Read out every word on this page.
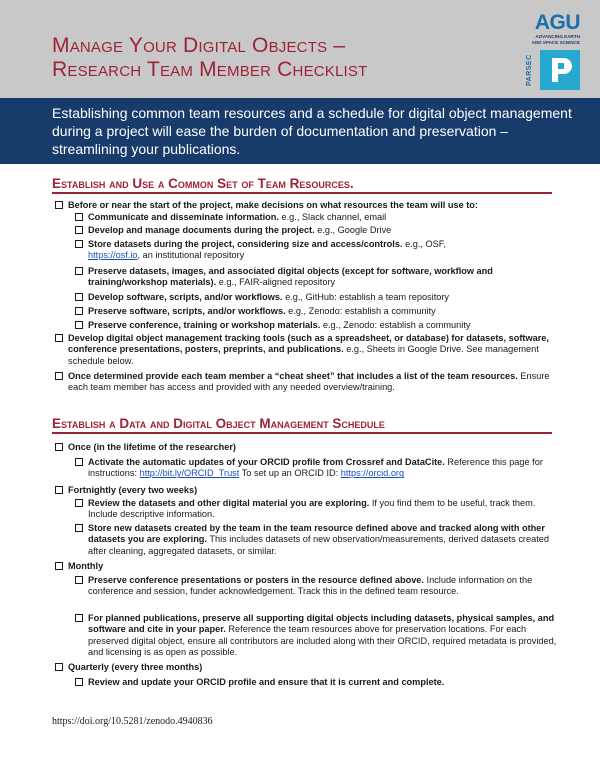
Manage Your Digital Objects –
Research Team Member Checklist
AGU
ADVANCING EARTH
AND SPACE SCIENCE
PARSEC

Establishing common team resources and a schedule for digital object management during a project will ease the burden of documentation and preservation – streamlining your publications.

Establish and Use a Common Set of Team Resources.
Before or near the start of the project, make decisions on what resources the team will use to:
Communicate and disseminate information. e.g., Slack channel, email
Develop and manage documents during the project. e.g., Google Drive
Store datasets during the project, considering size and access/controls. e.g., OSF,
https://osf.io, an institutional repository
Preserve datasets, images, and associated digital objects (except for software, workflow and training/workshop materials). e.g., FAIR-aligned repository
Develop software, scripts, and/or workflows. e.g., GitHub: establish a team repository
Preserve software, scripts, and/or workflows. e.g., Zenodo: establish a community
Preserve conference, training or workshop materials. e.g., Zenodo: establish a community
Develop digital object management tracking tools (such as a spreadsheet, or database) for datasets, software, conference presentations, posters, preprints, and publications. e.g., Sheets in Google Drive. See management schedule below.
Once determined provide each team member a “cheat sheet” that includes a list of the team resources. Ensure each team member has access and provided with any needed overview/training.
Establish a Data and Digital Object Management Schedule
Once (in the lifetime of the researcher)
Activate the automatic updates of your ORCID profile from Crossref and DataCite. Reference this page for instructions: http://bit.ly/ORCID_Trust To set up an ORCID ID: https://orcid.org
Fortnightly (every two weeks)
Review the datasets and other digital material you are exploring. If you find them to be useful, track them. Include descriptive information.
Store new datasets created by the team in the team resource defined above and tracked along with other datasets you are exploring. This includes datasets of new observation/measurements, derived datasets created after cleaning, aggregated datasets, or similar.
Monthly
Preserve conference presentations or posters in the resource defined above. Include information on the conference and session, funder acknowledgement. Track this in the defined team resource.
For planned publications, preserve all supporting digital objects including datasets, physical samples, and software and cite in your paper. Reference the team resources above for preservation locations. For each preserved digital object, ensure all contributors are included along with their ORCID, required metadata is provided, and licensing is as open as possible.
Quarterly (every three months)
Review and update your ORCID profile and ensure that it is current and complete.
https://doi.org/10.5281/zenodo.4940836
